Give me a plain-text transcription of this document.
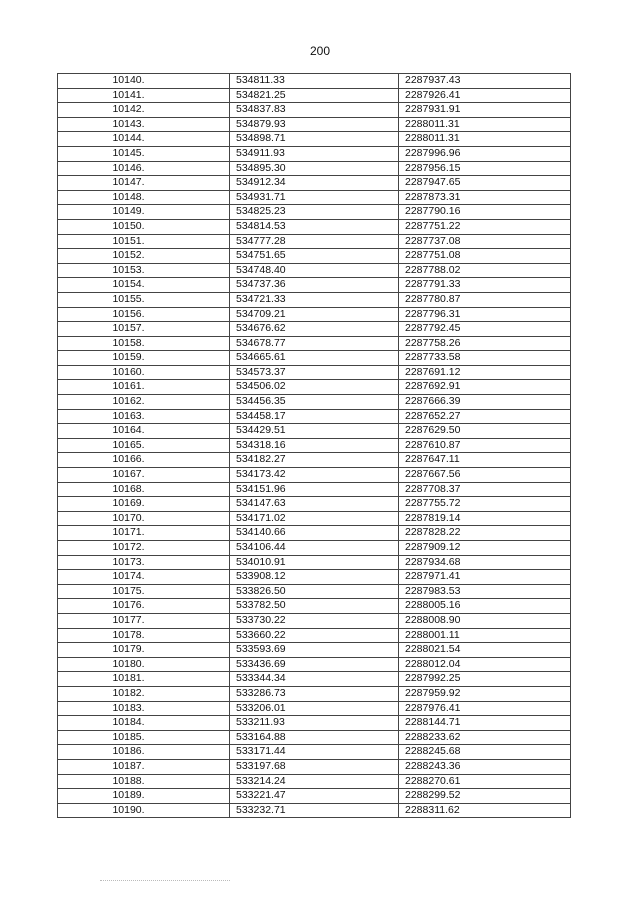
200
10140.	534811.33	2287937.43
10141.	534821.25	2287926.41
10142.	534837.83	2287931.91
10143.	534879.93	2288011.31
10144.	534898.71	2288011.31
10145.	534911.93	2287996.96
10146.	534895.30	2287956.15
10147.	534912.34	2287947.65
10148.	534931.71	2287873.31
10149.	534825.23	2287790.16
10150.	534814.53	2287751.22
10151.	534777.28	2287737.08
10152.	534751.65	2287751.08
10153.	534748.40	2287788.02
10154.	534737.36	2287791.33
10155.	534721.33	2287780.87
10156.	534709.21	2287796.31
10157.	534676.62	2287792.45
10158.	534678.77	2287758.26
10159.	534665.61	2287733.58
10160.	534573.37	2287691.12
10161.	534506.02	2287692.91
10162.	534456.35	2287666.39
10163.	534458.17	2287652.27
10164.	534429.51	2287629.50
10165.	534318.16	2287610.87
10166.	534182.27	2287647.11
10167.	534173.42	2287667.56
10168.	534151.96	2287708.37
10169.	534147.63	2287755.72
10170.	534171.02	2287819.14
10171.	534140.66	2287828.22
10172.	534106.44	2287909.12
10173.	534010.91	2287934.68
10174.	533908.12	2287971.41
10175.	533826.50	2287983.53
10176.	533782.50	2288005.16
10177.	533730.22	2288008.90
10178.	533660.22	2288001.11
10179.	533593.69	2288021.54
10180.	533436.69	2288012.04
10181.	533344.34	2287992.25
10182.	533286.73	2287959.92
10183.	533206.01	2287976.41
10184.	533211.93	2288144.71
10185.	533164.88	2288233.62
10186.	533171.44	2288245.68
10187.	533197.68	2288243.36
10188.	533214.24	2288270.61
10189.	533221.47	2288299.52
10190.	533232.71	2288311.62
